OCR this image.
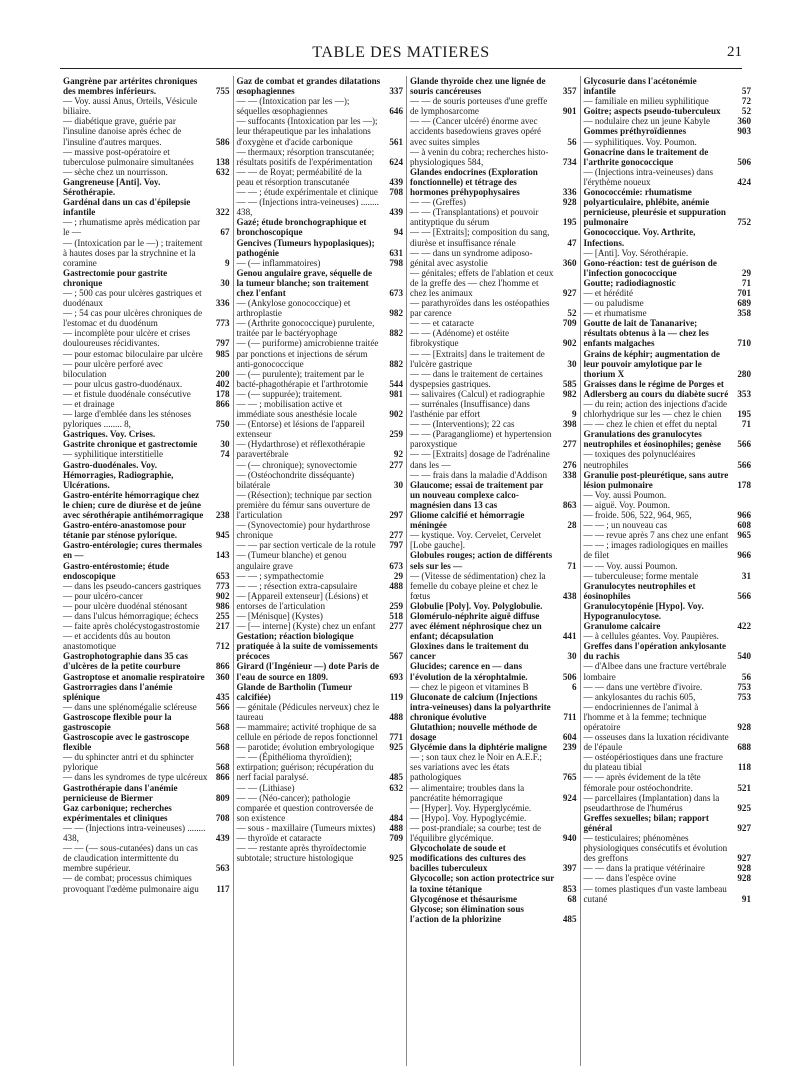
TABLE DES MATIERES	21
Gangrène par artérites chroniques des membres inférieurs.	755
— Voy. aussi Anus, Orteils, Vésicule biliaire.
— diabétique grave, guérie par l'insuline danoise après échec de l'insuline d'autres marques.	586
— massive post-opératoire et tuberculose pulmonaire simultanées	138
— sèche chez un nourrisson.	632
Gangreneuse [Anti]. Voy. Sérothérapie.
Gardénal dans un cas d'épilepsie infantile	322
— ; rhumatisme après médication par le —	67
— (Intoxication par le —) ; traitement à hautes doses par la strychnine et la coramine	9
Gastrectomie pour gastrite chronique	30
— ; 500 cas pour ulcères gastriques et duodénaux	336
— ; 54 cas pour ulcères chroniques de l'estomac et du duodénum	773
— incomplète pour ulcère et crises douloureuses récidivantes.	797
— pour estomac biloculaire par ulcère	985
— pour ulcère perforé avec biloculation	200
— pour ulcus gastro-duodénaux.	402
— et fistule duodénale consécutive	178
— et drainage	866
— large d'emblée dans les sténoses pyloriques ........ 8,	750
Gastriques. Voy. Crises.
Gastrite chronique et gastrectomie	30
— syphilitique interstitielle	74
Gastro-duodénales. Voy. Hémorragies, Radiographie, Ulcérations.
Gastro-entérite hémorragique chez le chien; cure de diurèse et de jeûne avec sérothérapie antihémorragique	238
Gastro-entéro-anastomose pour tétanie par sténose pylorique.	945
Gastro-entérologie; cures thermales en —	143
Gastro-entérostomie; étude endoscopique	653
— dans les pseudo-cancers gastriques	773
— pour ulcéro-cancer	902
— pour ulcère duodénal sténosant	986
— dans l'ulcus hémorragique; échecs	255
— faite après cholécystogastrostomie	217
— et accidents dûs au bouton anastomotique	712
Gastrophotographie dans 35 cas d'ulcères de la petite courbure	866
Gastroptose et anomalie respiratoire	360
Gastrorragies dans l'anémie splénique	435
— dans une splénomégalie scléreuse	566
Gastroscope flexible pour la gastroscopie	568
Gastroscopie avec le gastroscope flexible	568
— du sphincter antri et du sphincter pylorique	568
— dans les syndromes de type ulcéreux 866
Gastrothérapie dans l'anémie pernicieuse de Biermer	809
Gaz carbonique; recherches expérimentales et cliniques	708
— — (Injections intra-veineuses) ........ 438,	439
— — (— sous-cutanées) dans un cas de claudication intermittente du membre supérieur.	563
— de combat; processus chimiques provoquant l'œdème pulmonaire aigu	117
Gaz de combat et grandes dilatations œsophagiennes	337
— — (Intoxication par les —); séquelles œsophagiennes	646
— suffocants (Intoxication par les —); leur thérapeutique par les inhalations d'oxygène et d'acide carbonique	561
— thermaux; résorption transcutanée; résultats positifs de l'expérimentation	624
— — de Royat; perméabilité de la peau et résorption transcutanée	439
— — ; étude expérimentale et clinique	708
— — (Injections intra-veineuses) ........ 438,	439
Gazé; étude bronchographique et bronchoscopique	94
Gencives (Tumeurs hypoplasiques); pathogénie	631
— (— inflammatoires)	798
Genou angulaire grave, séquelle de la tumeur blanche; son traitement chez l'enfant	673
— (Ankylose gonococcique) et arthroplastie	982
— (Arthrite gonococcique) purulente, traitée par le bactéryophage	882
— (— puriforme) amicrobienne traitée par ponctions et injections de sérum anti-gonococcique	882
— (— purulente); traitement par le bacté-phagothérapie et l'arthrotomie	544
— (— suppurée); traitement.	981
— — ; mobilisation active et immédiate sous anesthésie locale	902
— (Entorse) et lésions de l'appareil extenseur	259
— (Hydarthrose) et réflexothérapie paravertébrale	92
— (— chronique); synovectomie	277
— (Ostéochondrite disséquante) bilatérale	30
— (Résection); technique par section première du fémur sans ouverture de l'articulation	297
— (Synovectomie) pour hydarthrose chronique	277
— — par section verticale de la rotule	797
— (Tumeur blanche) et genou angulaire grave	673
— — ; sympathectomie	29
— — ; résection extra-capsulaire	488
— [Appareil extenseur] (Lésions) et entorses de l'articulation	259
— [Ménisque] (Kystes)	518
— [— interne] (Kyste) chez un enfant	277
Gestation; réaction biologique pratiquée à la suite de vomissements précoces	567
Girard (l'Ingénieur —) dote Paris de l'eau de source en 1809.	693
Glande de Bartholin (Tumeur calcifiée)	119
— génitale (Pédicules nerveux) chez le taureau	488
— mammaire; activité trophique de sa cellule en période de repos fonctionnel	771
— parotide; évolution embryologique	925
— — (Épithélioma thyroïdien); extirpation; guérison; récupération du nerf facial paralysé.	485
— — (Lithiase)	632
— — (Néo-cancer); pathologie comparée et question controversée de son existence	484
— sous - maxillaire (Tumeurs mixtes)	488
— thyroïde et cataracte	709
— — restante après thyroïdectomie subtotale; structure histologique	925
Glande thyroïde chez une lignée de souris cancéreuses	357
— — de souris porteuses d'une greffe de lymphosarcome	901
— — (Cancer ulcéré) énorme avec accidents basedowiens graves opéré avec suites simples	56
— à venin du cobra; recherches histo-physiologiques 584,	734
Glandes endocrines (Exploration fonctionnelle) et tétrage des hormones préhypophysaires	336
— — (Greffes)	928
— — (Transplantations) et pouvoir antityptique du sérum	195
— — [Extraits]; composition du sang, diurèse et insuffisance rénale	47
— — dans un syndrome adiposo-génital avec asystolie	360
— génitales; effets de l'ablation et ceux de la greffe des — chez l'homme et chez les animaux	927
— parathyroïdes dans les ostéopathies par carence	52
— — et cataracte	709
— — (Adénome) et ostéite fibrokystique	902
— — [Extraits] dans le traitement de l'ulcère gastrique	30
— — dans le traitement de certaines dyspepsies gastriques.	585
— salivaires (Calcul) et radiographie	982
— surrénales (Insuffisance) dans l'asthénie par effort	9
— — (Interventions); 22 cas	398
— — (Paragangliome) et hypertension paroxystique	277
— — [Extraits] dosage de l'adrénaline dans les —	276
— — frais dans la maladie d'Addison	338
Glaucome; essai de traitement par un nouveau complexe calco-magnésien dans 13 cas	863
Gliome calcifié et hémorragie méningée	28
— kystique. Voy. Cervelet, Cervelet [Lobe gauche].
Globules rouges; action de différents sels sur les —	71
— (Vitesse de sédimentation) chez la femelle du cobaye pleine et chez le fœtus	438
Globulie [Poly]. Voy. Polyglobulie.
Glomérulo-néphrite aiguë diffuse avec élément néphrosique chez un enfant; décapsulation	441
Gloxines dans le traitement du cancer	30
Glucides; carence en — dans l'évolution de la xérophtalmie.	506
— chez le pigeon et vitamines B	6
Gluconate de calcium (Injections intra-veineuses) dans la polyarthrite chronique évolutive	711
Glutathion; nouvelle méthode de dosage	604
Glycémie dans la diphtérie maligne	239
— ; son taux chez le Noir en A.E.F.; ses variations avec les états pathologiques	765
— alimentaire; troubles dans la pancréatite hémorragique	924
— [Hyper]. Voy. Hyperglycémie.
— [Hypo]. Voy. Hypoglycémie.
— post-prandiale; sa courbe; test de l'équilibre glycémique.	940
Glycocholate de soude et modifications des cultures des bacilles tuberculeux	397
Glycocolle; son action protectrice sur la toxine tétanique	853
Glycogénose et thésaurisme	68
Glycose; son élimination sous l'action de la phlorizine	485
Glycosurie dans l'acétonémie infantile	57
— familiale en milieu syphilitique	72
Goitre; aspects pseudo-tuberculeux	52
— nodulaire chez un jeune Kabyle	360
Gommes préthyroïdiennes	903
— syphilitiques. Voy. Poumon.
Gonacrine dans le traitement de l'arthrite gonococcique	506
— (Injections intra-veineuses) dans l'érythème noueux	424
Gonococcémie: rhumatisme polyarticulaire, phlébite, anémie pernicieuse, pleurésie et suppuration pulmonaire	752
Gonococcique. Voy. Arthrite, Infections.
— [Anti]. Voy. Sérothérapie.
Gono-réaction: test de guérison de l'infection gonococcique	29
Goutte; radiodiagnostic	71
— et hérédité	701
— ou paludisme	689
— et rhumatisme	358
Goutte de lait de Tananarive; résultats obtenus à la — chez les enfants malgaches	710
Grains de képhir; augmentation de leur pouvoir amylotique par le thorium X	280
Graisses dans le régime de Porges et Adlersberg au cours du diabète sucré	353
— du rein; action des injections d'acide chlorhydrique sur les — chez le chien	195
— — chez le chien et effet du neptal	71
Granulations des granulocytes neutrophiles et éosinophiles; genèse	566
— toxiques des polynucléaires neutrophiles	566
Granulie post-pleurétique, sans autre lésion pulmonaire	178
— Voy. aussi Poumon.
— aiguë. Voy. Poumon.
— froide. 506, 522, 964, 965,	966
— — ; un nouveau cas	608
— — revue après 7 ans chez une enfant 965
— — ; images radiologiques en mailles de filet	966
— — Voy. aussi Poumon.
— tuberculeuse; forme mentale	31
Granulocytes neutrophiles et éosinophiles	566
Granulocytopénie [Hypo]. Voy. Hypogranulocytose.
Granulome calcaire	422
— à cellules géantes. Voy. Paupières.
Greffes dans l'opération ankylosante du rachis	540
— d'Albee dans une fracture vertébrale lombaire	56
— — dans une vertèbre d'ivoire.	753
— ankylosantes du rachis 605,	753
— endocriniennes de l'animal à l'homme et à la femme; technique opératoire	928
— osseuses dans la luxation récidivante de l'épaule	688
— ostéopériostiques dans une fracture du plateau tibial	118
— — après évidement de la tête fémorale pour ostéochondrite.	521
— parcellaires (Implantation) dans la pseudarthrose de l'humérus	925
Greffes sexuelles; bilan; rapport général	927
— testiculaires; phénomènes physiologiques consécutifs et évolution des greffons	927
— — dans la pratique vétérinaire	928
— — dans l'espèce ovine	928
— tomes plastiques d'un vaste lambeau cutané	91
